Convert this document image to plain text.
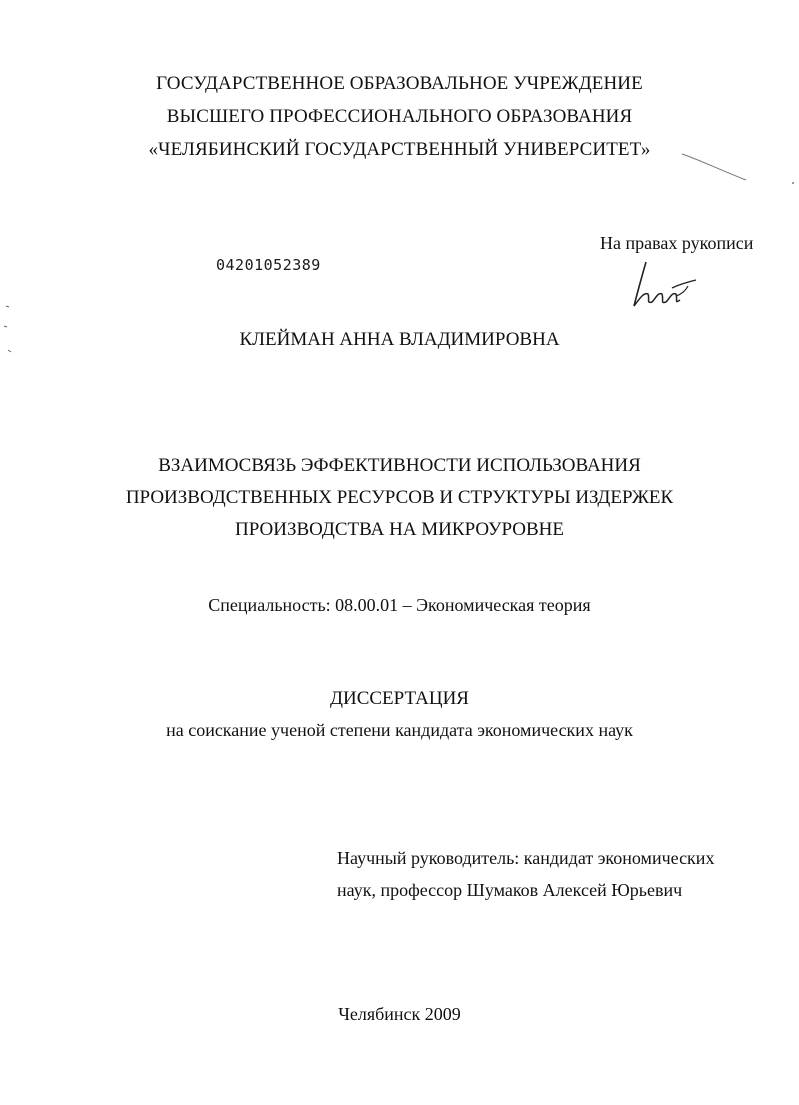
ГОСУДАРСТВЕННОЕ ОБРАЗОВАЛЬНОЕ УЧРЕЖДЕНИЕ
ВЫСШЕГО ПРОФЕССИОНАЛЬНОГО ОБРАЗОВАНИЯ
«ЧЕЛЯБИНСКИЙ ГОСУДАРСТВЕННЫЙ УНИВЕРСИТЕТ»
04201052389
На правах рукописи
КЛЕЙМАН АННА ВЛАДИМИРОВНА
ВЗАИМОСВЯЗЬ ЭФФЕКТИВНОСТИ ИСПОЛЬЗОВАНИЯ
ПРОИЗВОДСТВЕННЫХ РЕСУРСОВ И СТРУКТУРЫ ИЗДЕРЖЕК
ПРОИЗВОДСТВА НА МИКРОУРОВНЕ
Специальность: 08.00.01 – Экономическая теория
ДИССЕРТАЦИЯ
на соискание ученой степени кандидата экономических наук
Научный руководитель: кандидат экономических
наук, профессор Шумаков Алексей Юрьевич
Челябинск 2009
